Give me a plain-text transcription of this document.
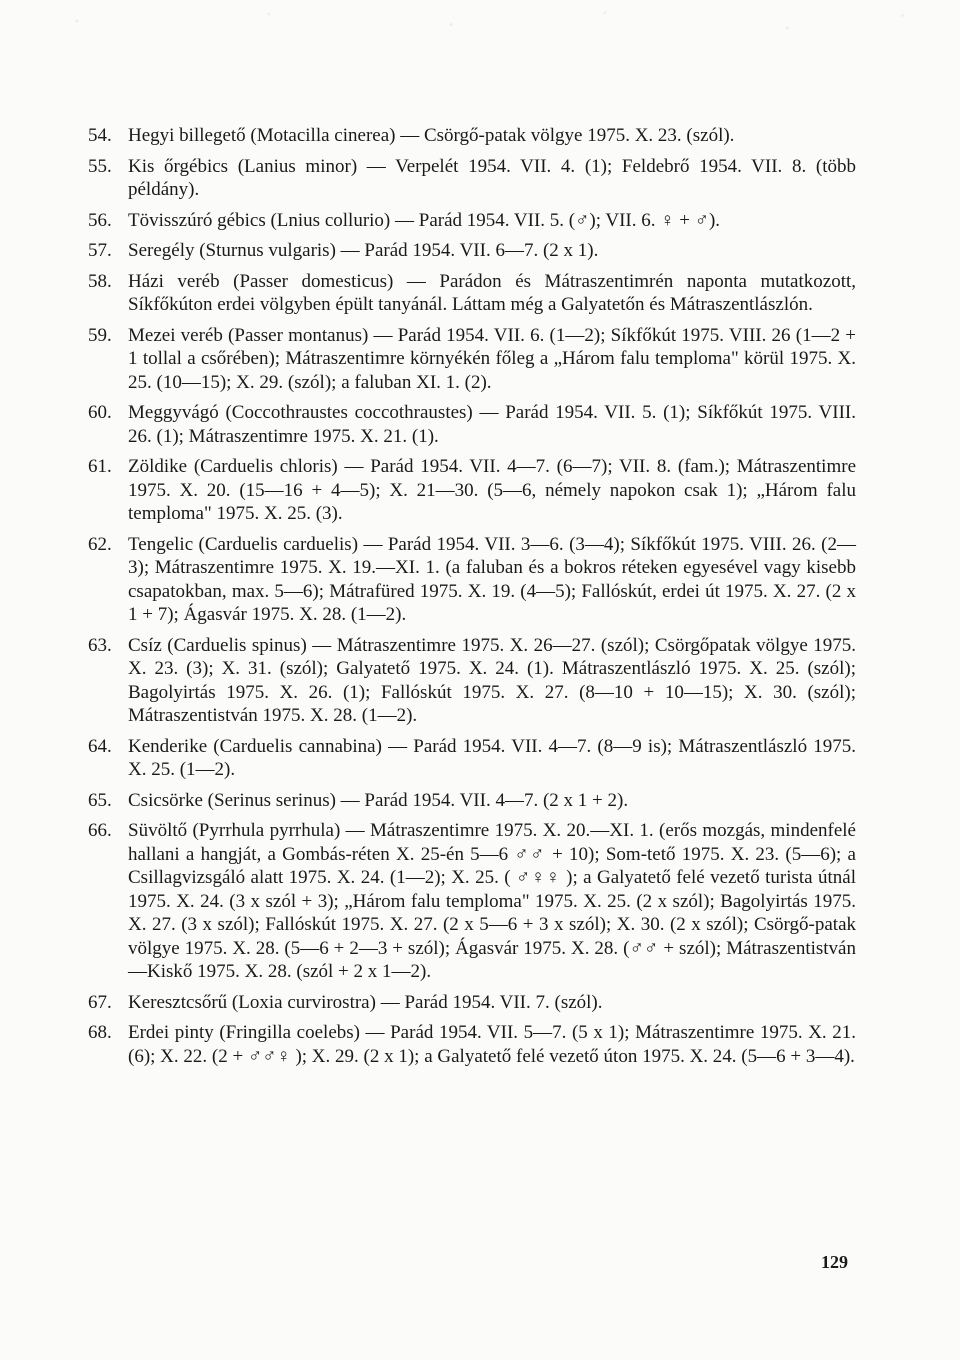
54. Hegyi billegető (Motacilla cinerea) — Csörgő-patak völgye 1975. X. 23. (szól).
55. Kis őrgébics (Lanius minor) — Verpelét 1954. VII. 4. (1); Feldebrő 1954. VII. 8. (több példány).
56. Tövisszúró gébics (Lnius collurio) — Parád 1954. VII. 5. (♂); VII. 6. ♀ + ♂).
57. Seregély (Sturnus vulgaris) — Parád 1954. VII. 6—7. (2 x 1).
58. Házi veréb (Passer domesticus) — Parádon és Mátraszentimrén naponta mutatkozott, Síkfőkúton erdei völgyben épült tanyánál. Láttam még a Galyatetőn és Mátraszentlászlón.
59. Mezei veréb (Passer montanus) — Parád 1954. VII. 6. (1—2); Síkfőkút 1975. VIII. 26 (1—2 + 1 tollal a csőrében); Mátraszentimre környékén főleg a „Három falu temploma" körül 1975. X. 25. (10—15); X. 29. (szól); a faluban XI. 1. (2).
60. Meggyvágó (Coccothraustes coccothraustes) — Parád 1954. VII. 5. (1); Síkfőkút 1975. VIII. 26. (1); Mátraszentimre 1975. X. 21. (1).
61. Zöldike (Carduelis chloris) — Parád 1954. VII. 4—7. (6—7); VII. 8. (fam.); Mátraszentimre 1975. X. 20. (15—16 + 4—5); X. 21—30. (5—6, némely napokon csak 1); „Három falu temploma" 1975. X. 25. (3).
62. Tengelic (Carduelis carduelis) — Parád 1954. VII. 3—6. (3—4); Síkfőkút 1975. VIII. 26. (2—3); Mátraszentimre 1975. X. 19.—XI. 1. (a faluban és a bokros réteken egyesével vagy kisebb csapatokban, max. 5—6); Mátrafüred 1975. X. 19. (4—5); Fallóskút, erdei út 1975. X. 27. (2 x 1 + 7); Ágasvár 1975. X. 28. (1—2).
63. Csíz (Carduelis spinus) — Mátraszentimre 1975. X. 26—27. (szól); Csörgőpatak völgye 1975. X. 23. (3); X. 31. (szól); Galyatető 1975. X. 24. (1). Mátraszentlászló 1975. X. 25. (szól); Bagolyirtás 1975. X. 26. (1); Fallóskút 1975. X. 27. (8—10 + 10—15); X. 30. (szól); Mátraszentistván 1975. X. 28. (1—2).
64. Kenderike (Carduelis cannabina) — Parád 1954. VII. 4—7. (8—9 is); Mátraszentlászló 1975. X. 25. (1—2).
65. Csicsörke (Serinus serinus) — Parád 1954. VII. 4—7. (2 x 1 + 2).
66. Süvöltő (Pyrrhula pyrrhula) — Mátraszentimre 1975. X. 20.—XI. 1. (erős mozgás, mindenfelé hallani a hangját, a Gombás-réten X. 25-én 5—6 ♂♂ + 10); Som-tető 1975. X. 23. (5—6); a Csillagvizsgáló alatt 1975. X. 24. (1—2); X. 25. ( ♂♀♀ ); a Galyatető felé vezető turista útnál 1975. X. 24. (3 x szól + 3); „Három falu temploma" 1975. X. 25. (2 x szól); Bagolyirtás 1975. X. 27. (3 x szól); Fallóskút 1975. X. 27. (2 x 5—6 + 3 x szól); X. 30. (2 x szól); Csörgő-patak völgye 1975. X. 28. (5—6 + 2—3 + szól); Ágasvár 1975. X. 28. (♂♂ + szól); Mátraszentistván—Kiskő 1975. X. 28. (szól + 2 x 1—2).
67. Keresztcsőrű (Loxia curvirostra) — Parád 1954. VII. 7. (szól).
68. Erdei pinty (Fringilla coelebs) — Parád 1954. VII. 5—7. (5 x 1); Mátraszentimre 1975. X. 21. (6); X. 22. (2 + ♂♂♀ ); X. 29. (2 x 1); a Galyatető felé vezető úton 1975. X. 24. (5—6 + 3—4).
129
